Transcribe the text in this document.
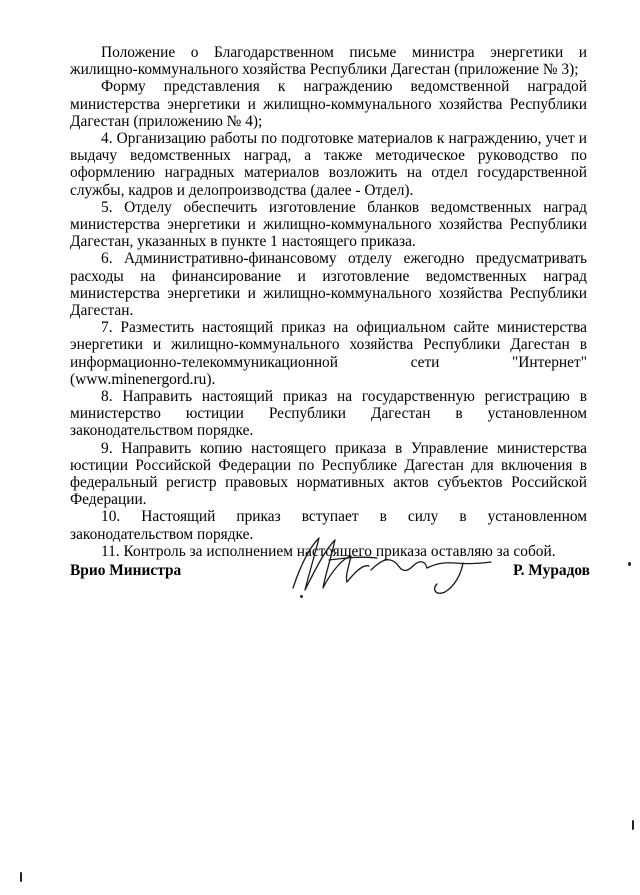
Положение о Благодарственном письме министра энергетики и жилищно-коммунального хозяйства Республики Дагестан (приложение № 3);

Форму представления к награждению ведомственной наградой министерства энергетики и жилищно-коммунального хозяйства Республики Дагестан (приложению № 4);

4. Организацию работы по подготовке материалов к награждению, учет и выдачу ведомственных наград, а также методическое руководство по оформлению наградных материалов возложить на отдел государственной службы, кадров и делопроизводства (далее - Отдел).

5. Отделу обеспечить изготовление бланков ведомственных наград министерства энергетики и жилищно-коммунального хозяйства Республики Дагестан, указанных в пункте 1 настоящего приказа.

6. Административно-финансовому отделу ежегодно предусматривать расходы на финансирование и изготовление ведомственных наград министерства энергетики и жилищно-коммунального хозяйства Республики Дагестан.

7. Разместить настоящий приказ на официальном сайте министерства энергетики и жилищно-коммунального хозяйства Республики Дагестан в информационно-телекоммуникационной сети "Интернет" (www.minenergord.ru).

8. Направить настоящий приказ на государственную регистрацию в министерство юстиции Республики Дагестан в установленном законодательством порядке.

9. Направить копию настоящего приказа в Управление министерства юстиции Российской Федерации по Республике Дагестан для включения в федеральный регистр правовых нормативных актов субъектов Российской Федерации.

10. Настоящий приказ вступает в силу в установленном законодательством порядке.

11. Контроль за исполнением настоящего приказа оставляю за собой.

Врио Министра	Р. Мурадов
